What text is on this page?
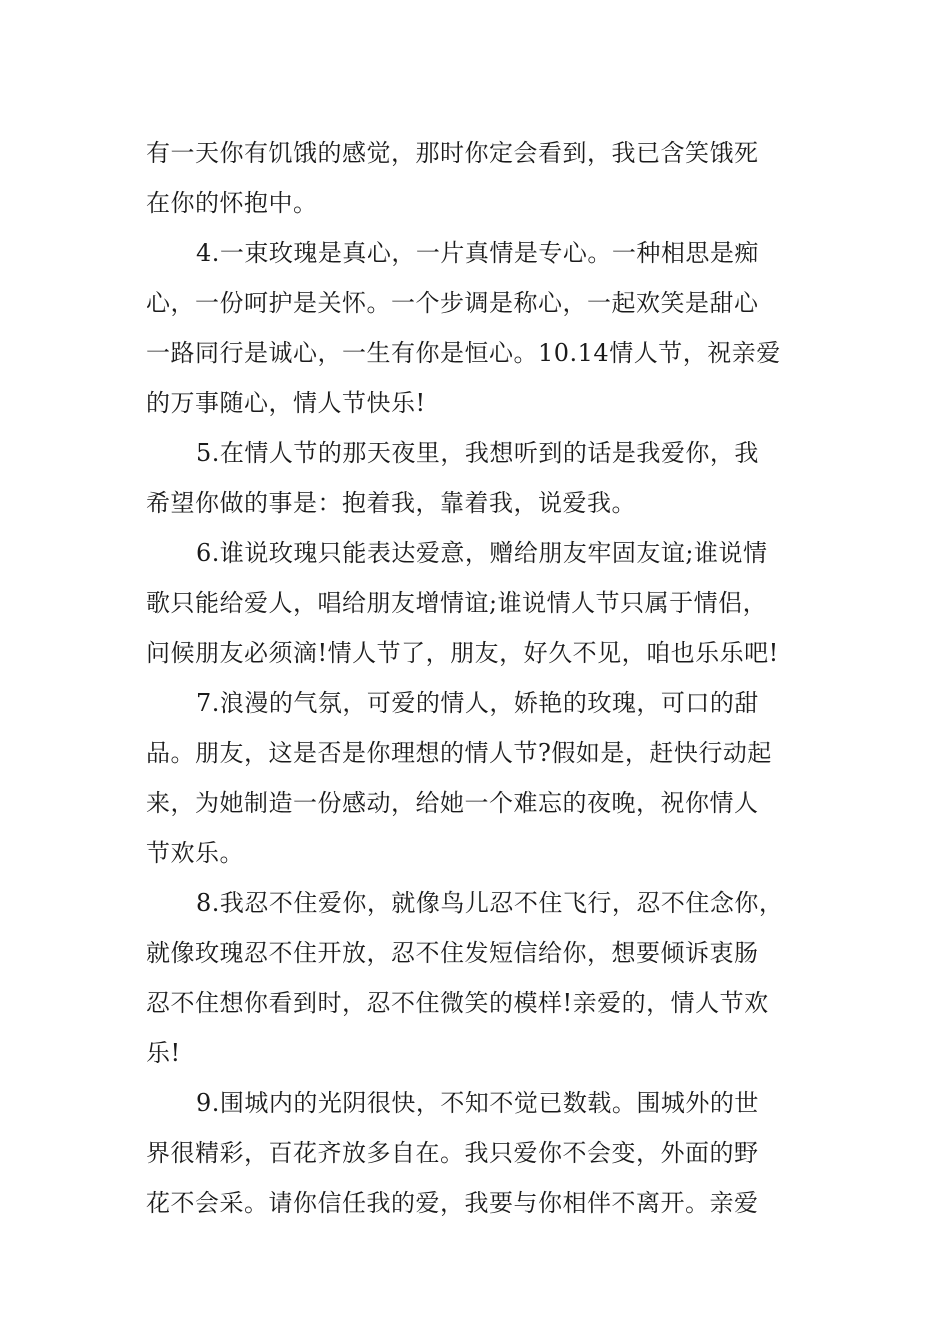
有一天你有饥饿的感觉，那时你定会看到，我已含笑饿死
在你的怀抱中。
4.一束玫瑰是真心，一片真情是专心。一种相思是痴
心，一份呵护是关怀。一个步调是称心，一起欢笑是甜心
一路同行是诚心，一生有你是恒心。10.14情人节，祝亲爱
的万事随心，情人节快乐!
5.在情人节的那天夜里，我想听到的话是我爱你，我
希望你做的事是：抱着我，靠着我，说爱我。
6.谁说玫瑰只能表达爱意，赠给朋友牢固友谊;谁说情
歌只能给爱人，唱给朋友增情谊;谁说情人节只属于情侣，
问候朋友必须滴!情人节了，朋友，好久不见，咱也乐乐吧!
7.浪漫的气氛，可爱的情人，娇艳的玫瑰，可口的甜
品。朋友，这是否是你理想的情人节?假如是，赶快行动起
来，为她制造一份感动，给她一个难忘的夜晚，祝你情人
节欢乐。
8.我忍不住爱你，就像鸟儿忍不住飞行，忍不住念你，
就像玫瑰忍不住开放，忍不住发短信给你，想要倾诉衷肠
忍不住想你看到时，忍不住微笑的模样!亲爱的，情人节欢
乐!
9.围城内的光阴很快，不知不觉已数载。围城外的世
界很精彩，百花齐放多自在。我只爱你不会变，外面的野
花不会采。请你信任我的爱，我要与你相伴不离开。亲爱
